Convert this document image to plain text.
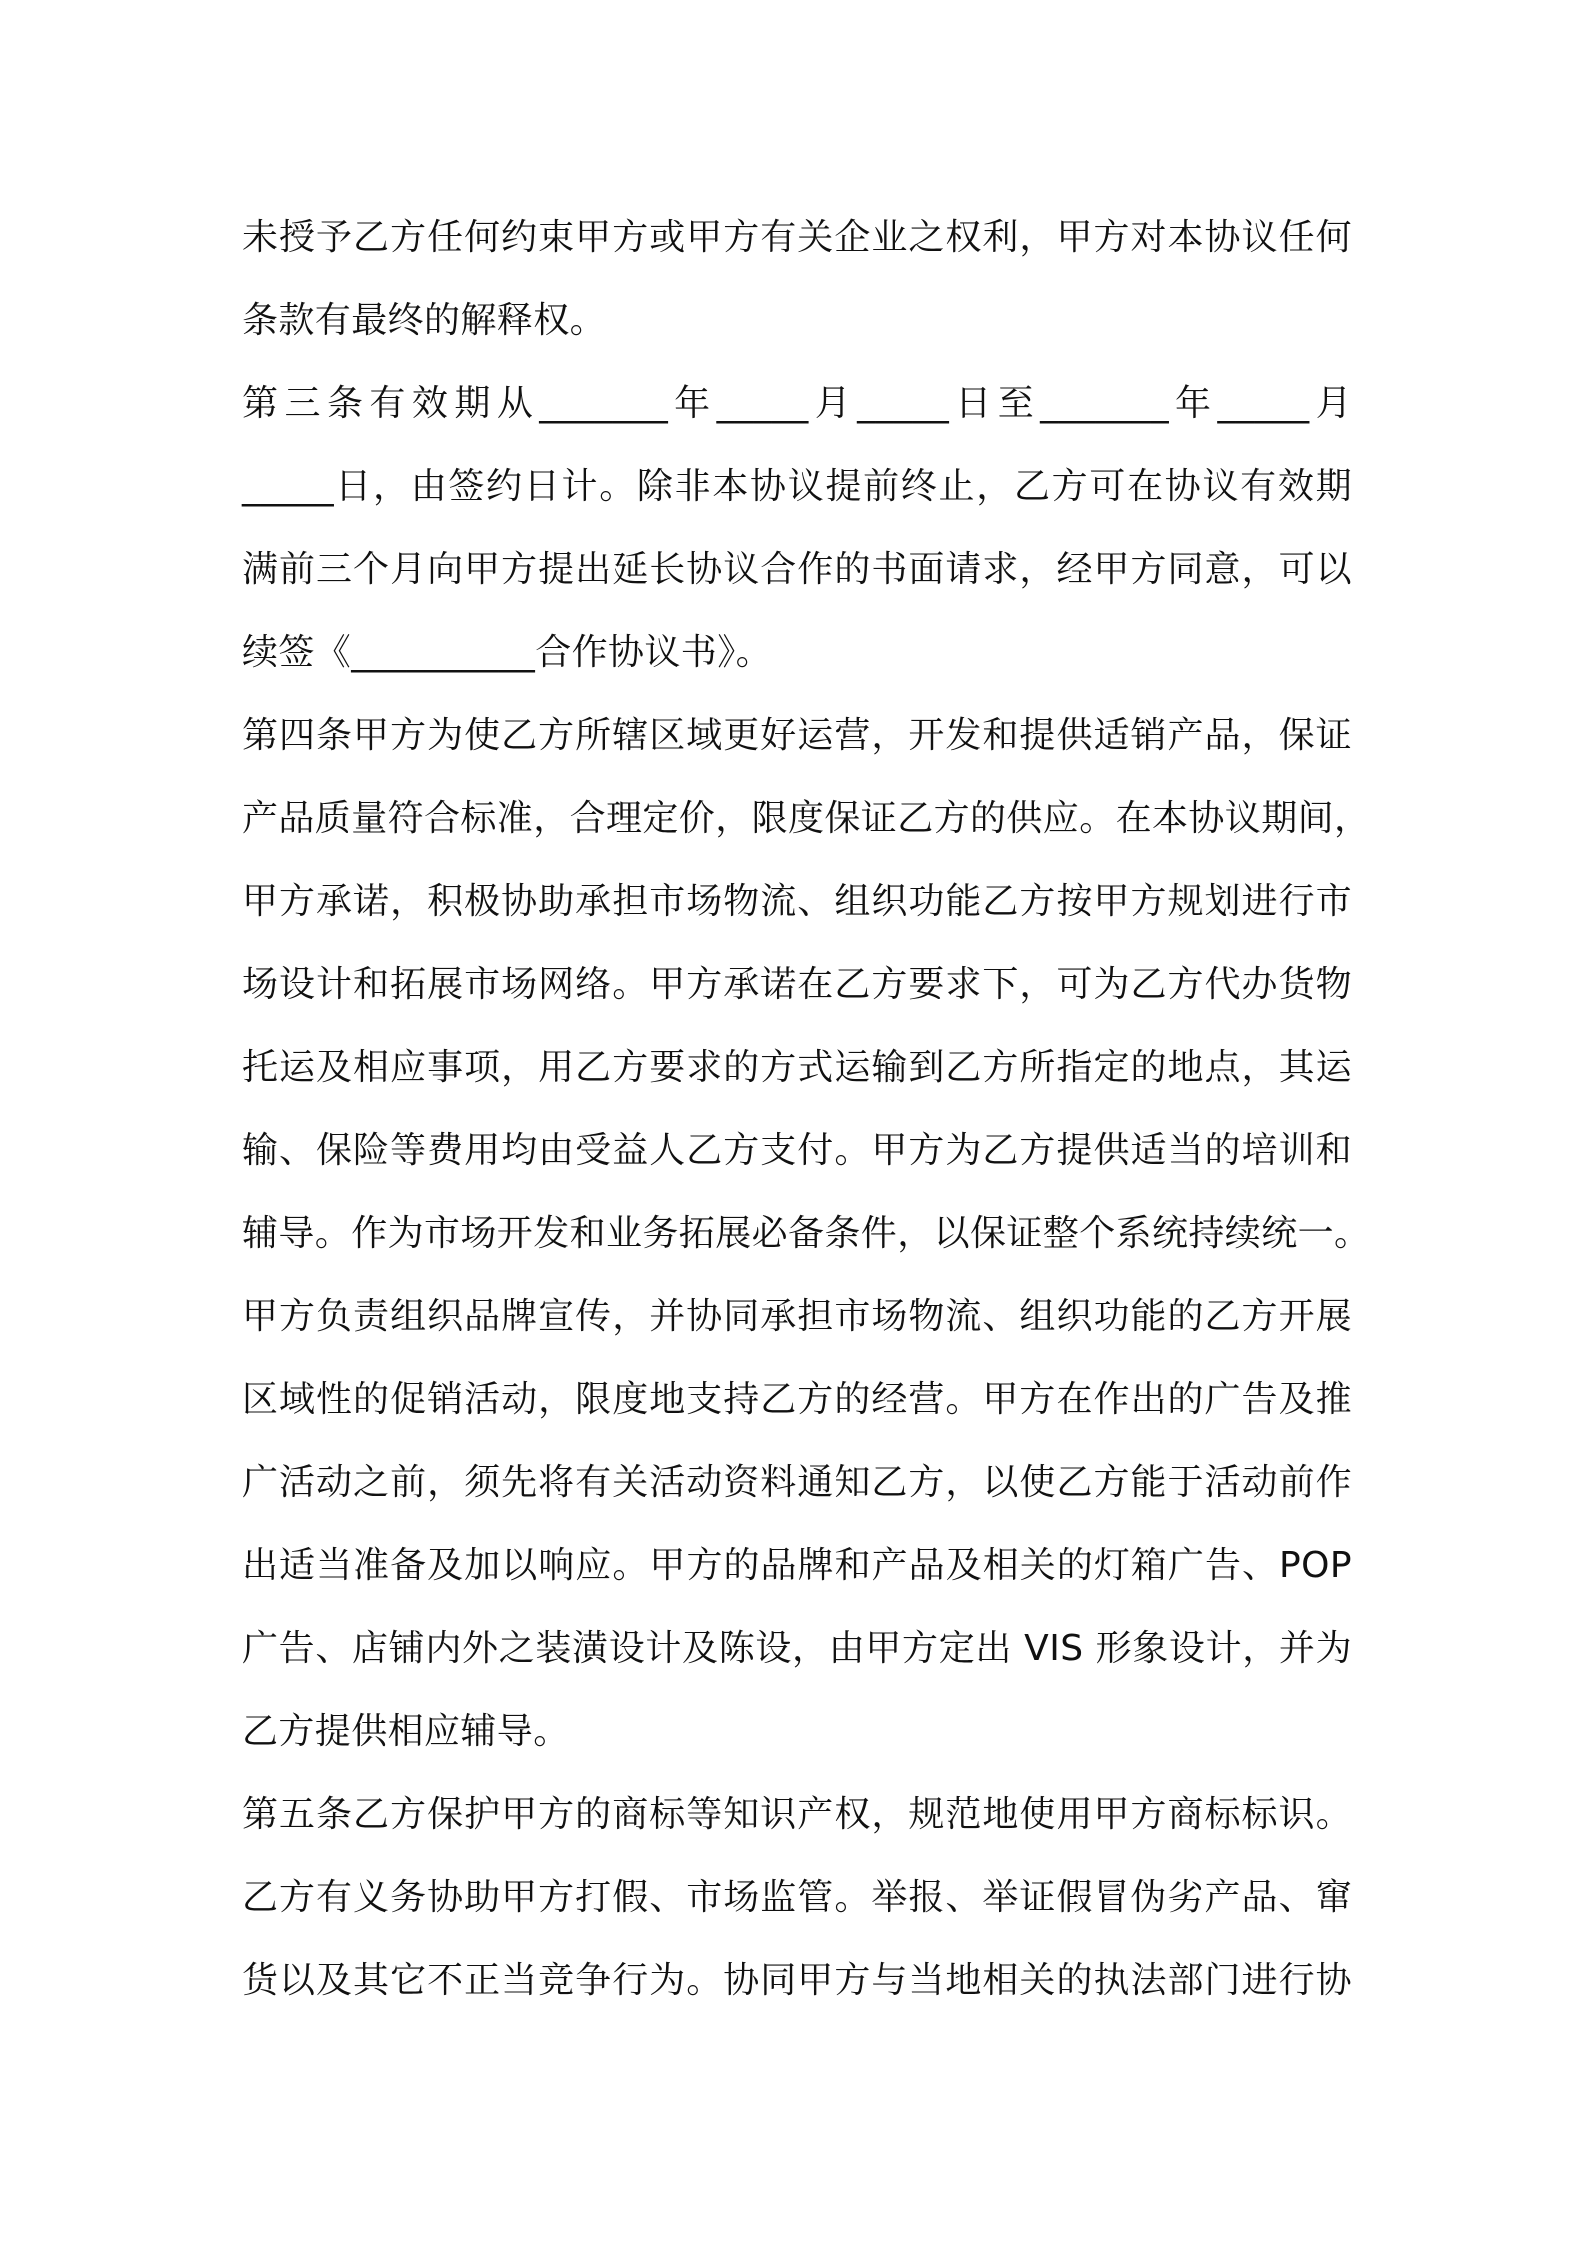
未授予乙方任何约束甲方或甲方有关企业之权利，甲方对本协议任何
条款有最终的解释权。
第三条有效期从_______年_____月_____日至_______年_____月
_____日，由签约日计。除非本协议提前终止，乙方可在协议有效期
满前三个月向甲方提出延长协议合作的书面请求，经甲方同意，可以
续签《__________合作协议书》。
第四条甲方为使乙方所辖区域更好运营，开发和提供适销产品，保证
产品质量符合标准，合理定价，限度保证乙方的供应。在本协议期间，
甲方承诺，积极协助承担市场物流、组织功能乙方按甲方规划进行市
场设计和拓展市场网络。甲方承诺在乙方要求下，可为乙方代办货物
托运及相应事项，用乙方要求的方式运输到乙方所指定的地点，其运
输、保险等费用均由受益人乙方支付。甲方为乙方提供适当的培训和
辅导。作为市场开发和业务拓展必备条件，以保证整个系统持续统一。
甲方负责组织品牌宣传，并协同承担市场物流、组织功能的乙方开展
区域性的促销活动，限度地支持乙方的经营。甲方在作出的广告及推
广活动之前，须先将有关活动资料通知乙方，以使乙方能于活动前作
出适当准备及加以响应。甲方的品牌和产品及相关的灯箱广告、POP
广告、店铺内外之装潢设计及陈设，由甲方定出 VIS 形象设计，并为
乙方提供相应辅导。
第五条乙方保护甲方的商标等知识产权，规范地使用甲方商标标识。
乙方有义务协助甲方打假、市场监管。举报、举证假冒伪劣产品、窜
货以及其它不正当竞争行为。协同甲方与当地相关的执法部门进行协
